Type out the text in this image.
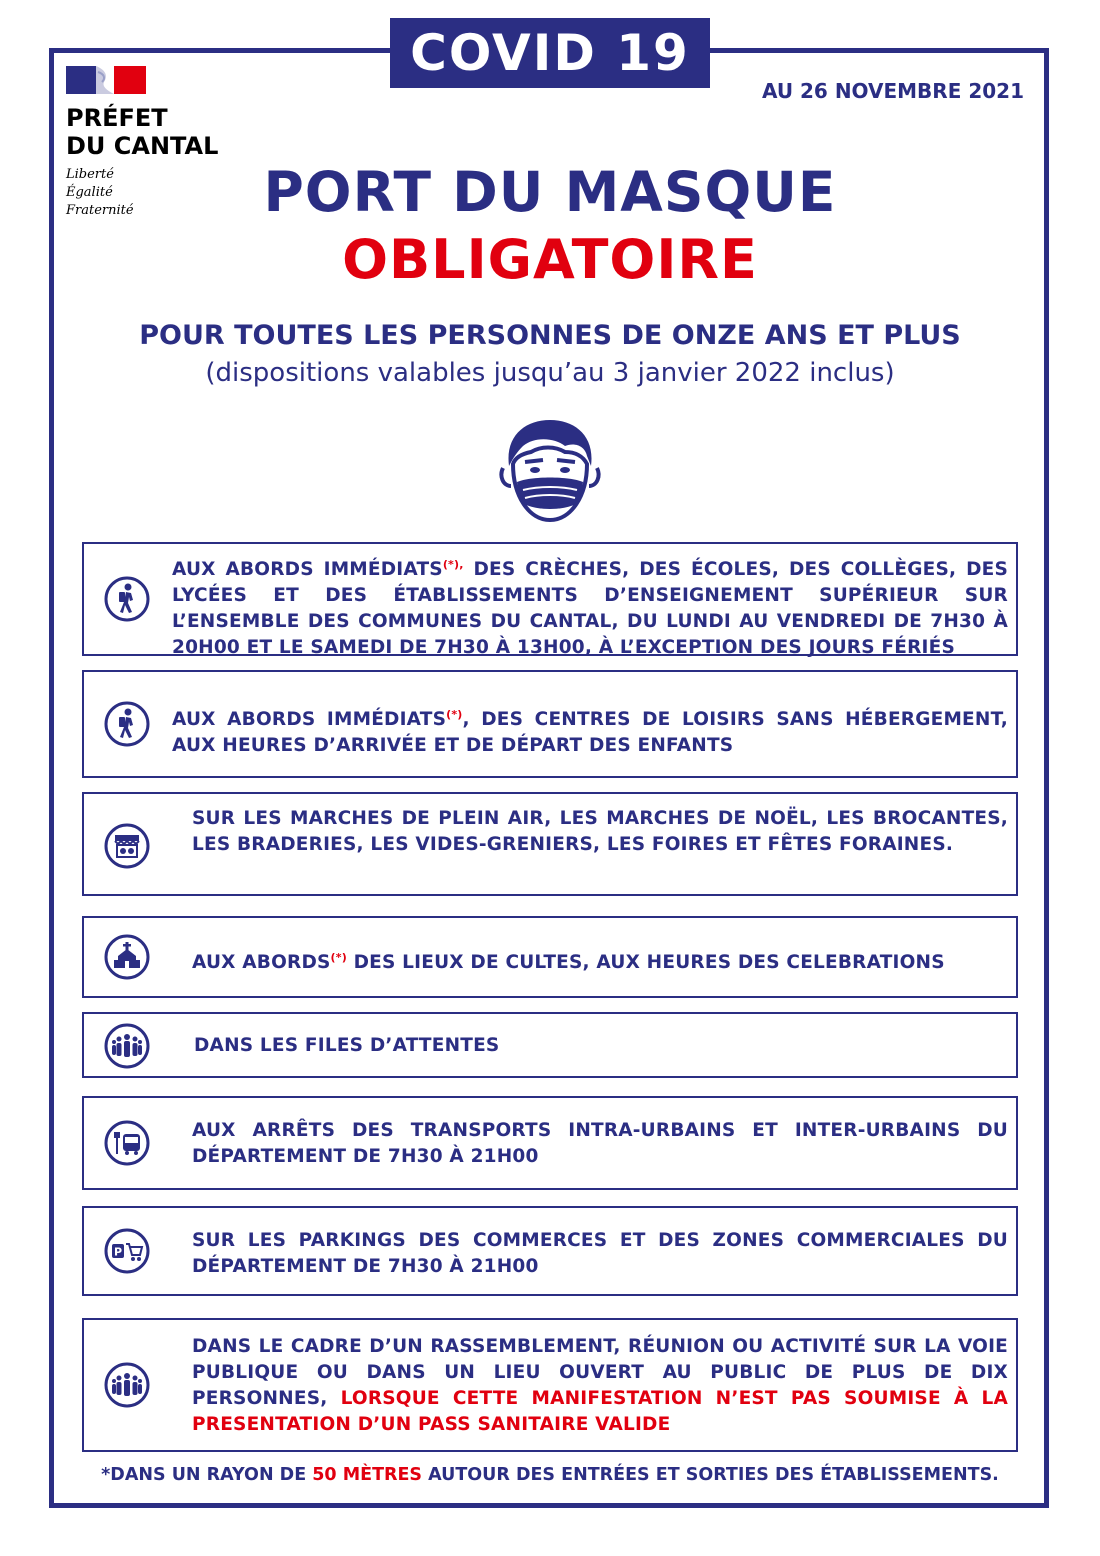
COVID 19
AU 26 NOVEMBRE 2021
PRÉFET
DU CANTAL
Liberté
Égalité
Fraternité	PORT DU MASQUE
OBLIGATOIRE
POUR TOUTES LES PERSONNES DE ONZE ANS ET PLUS
(dispositions valables jusqu’au 3 janvier 2022 inclus)
AUX ABORDS IMMÉDIATS(*), DES CRÈCHES, DES ÉCOLES, DES COLLÈGES, DES LYCÉES ET DES ÉTABLISSEMENTS D’ENSEIGNEMENT SUPÉRIEUR SUR L’ENSEMBLE DES COMMUNES DU CANTAL, DU LUNDI AU VENDREDI DE 7H30 À 20H00 ET LE SAMEDI DE 7H30 À 13H00, À L’EXCEPTION DES JOURS FÉRIÉS
AUX ABORDS IMMÉDIATS(*), DES CENTRES DE LOISIRS SANS HÉBERGEMENT, AUX HEURES D’ARRIVÉE ET DE DÉPART DES ENFANTS
SUR LES MARCHES DE PLEIN AIR, LES MARCHES DE NOËL, LES BROCANTES, LES BRADERIES, LES VIDES-GRENIERS, LES FOIRES ET FÊTES FORAINES.
AUX ABORDS(*) DES LIEUX DE CULTES, AUX HEURES DES CELEBRATIONS
DANS LES FILES D’ATTENTES
AUX ARRÊTS DES TRANSPORTS INTRA-URBAINS ET INTER-URBAINS DU DÉPARTEMENT DE 7H30 À 21H00
P
SUR LES PARKINGS DES COMMERCES ET DES ZONES COMMERCIALES DU DÉPARTEMENT DE 7H30 À 21H00
DANS LE CADRE D’UN RASSEMBLEMENT, RÉUNION OU ACTIVITÉ SUR LA VOIE PUBLIQUE OU DANS UN LIEU OUVERT AU PUBLIC DE PLUS DE DIX PERSONNES, LORSQUE CETTE MANIFESTATION N’EST PAS SOUMISE À LA PRESENTATION D’UN PASS SANITAIRE VALIDE
*DANS UN RAYON DE 50 MÈTRES AUTOUR DES ENTRÉES ET SORTIES DES ÉTABLISSEMENTS.
